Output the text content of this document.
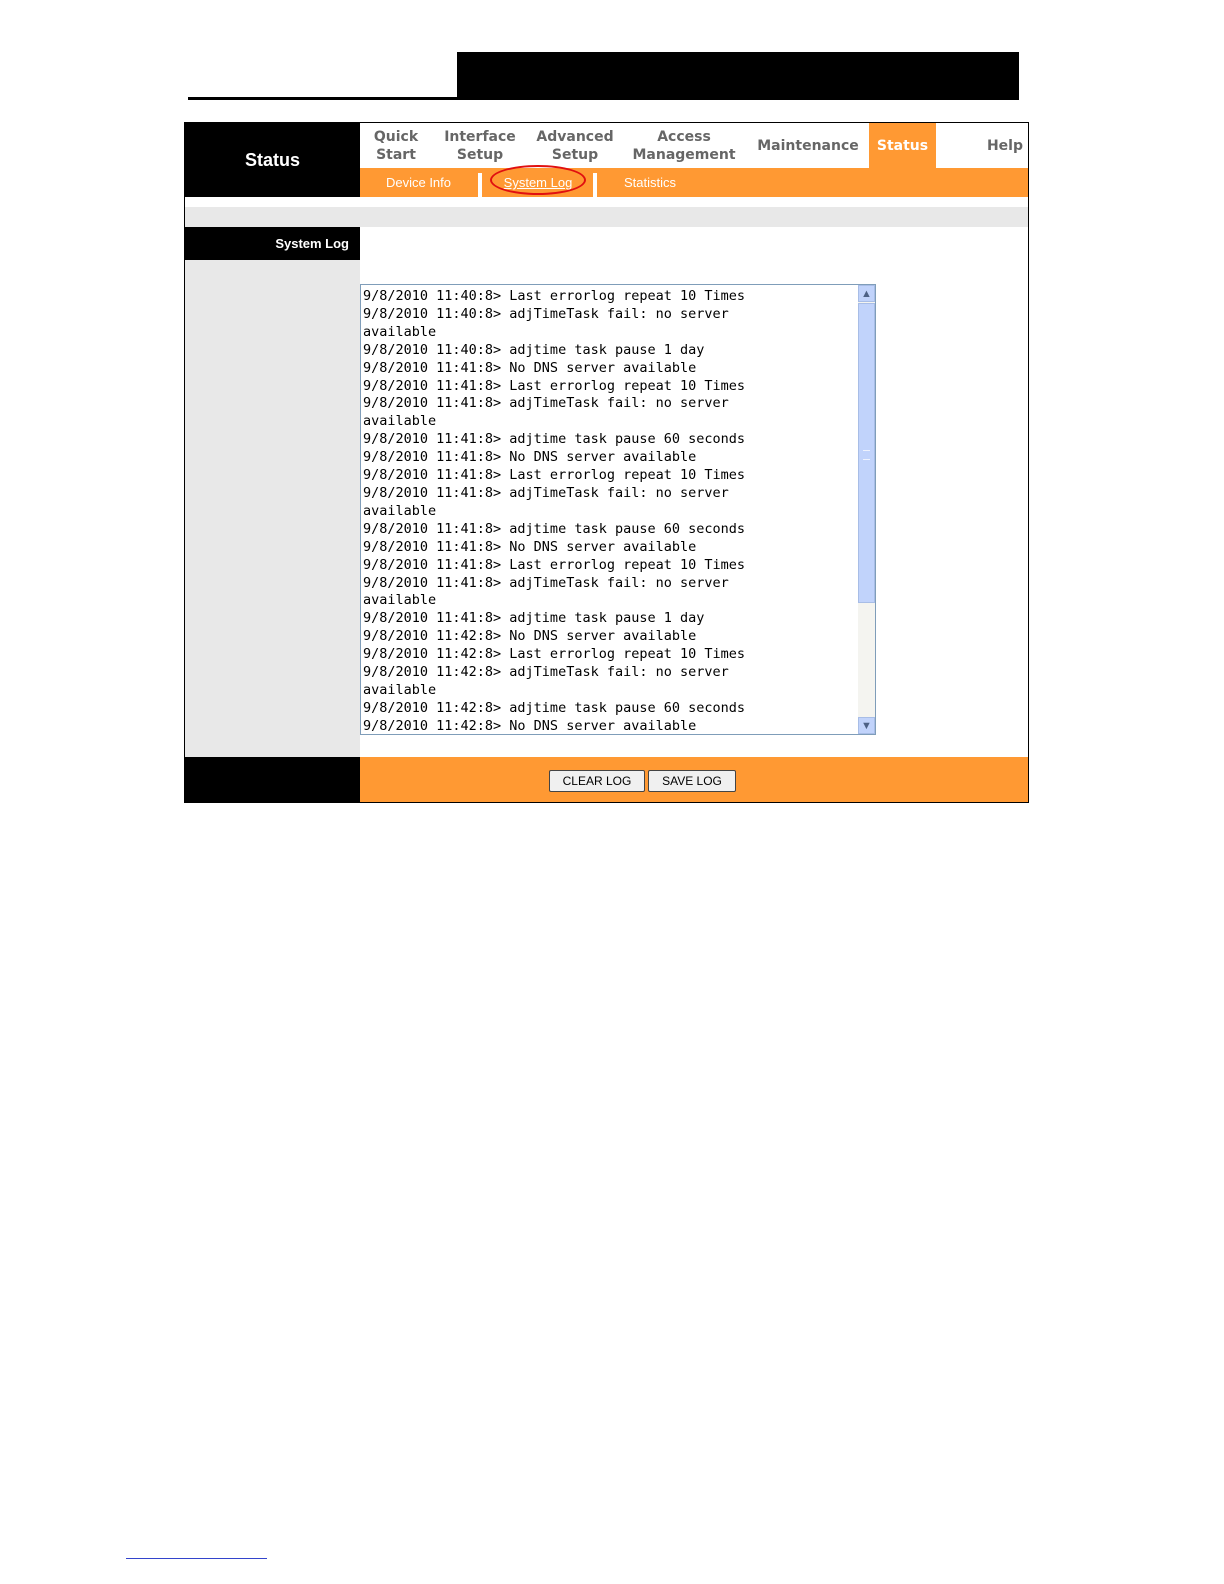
Status
Quick
Start
Interface
Setup
Advanced
Setup
Access
Management
Maintenance Status	Help
Device Info	System Log	Statistics
System Log
9/8/2010 11:40:8> Last errorlog repeat 10 Times
9/8/2010 11:40:8> adjTimeTask fail: no server
available
9/8/2010 11:40:8> adjtime task pause 1 day
9/8/2010 11:41:8> No DNS server available
9/8/2010 11:41:8> Last errorlog repeat 10 Times
9/8/2010 11:41:8> adjTimeTask fail: no server
available
9/8/2010 11:41:8> adjtime task pause 60 seconds
9/8/2010 11:41:8> No DNS server available
9/8/2010 11:41:8> Last errorlog repeat 10 Times
9/8/2010 11:41:8> adjTimeTask fail: no server
available
9/8/2010 11:41:8> adjtime task pause 60 seconds
9/8/2010 11:41:8> No DNS server available
9/8/2010 11:41:8> Last errorlog repeat 10 Times
9/8/2010 11:41:8> adjTimeTask fail: no server
available
9/8/2010 11:41:8> adjtime task pause 1 day
9/8/2010 11:42:8> No DNS server available
9/8/2010 11:42:8> Last errorlog repeat 10 Times
9/8/2010 11:42:8> adjTimeTask fail: no server
available
9/8/2010 11:42:8> adjtime task pause 60 seconds
9/8/2010 11:42:8> No DNS server available
▲
▼
CLEAR LOG	SAVE LOG
